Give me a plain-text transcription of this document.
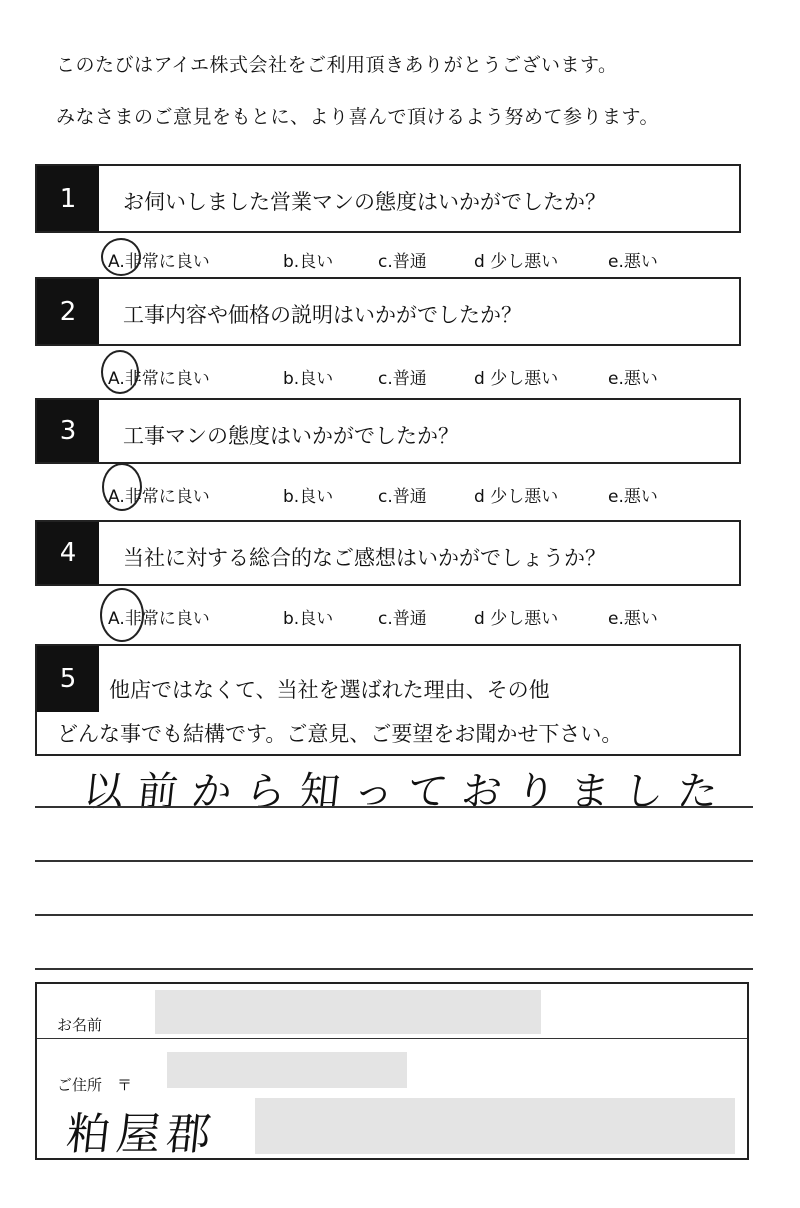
このたびはアイエ株式会社をご利用頂きありがとうございます。
みなさまのご意見をもとに、より喜んで頂けるよう努めて参ります。
1	お伺いしました営業マンの態度はいかがでしたか？
A.非常に良い	b.良い	c.普通	d 少し悪い	e.悪い
2	工事内容や価格の説明はいかがでしたか？
A.非常に良い	b.良い	c.普通	d 少し悪い	e.悪い
3	工事マンの態度はいかがでしたか？
A.非常に良い	b.良い	c.普通	d 少し悪い	e.悪い
4	当社に対する総合的なご感想はいかがでしょうか？
A.非常に良い	b.良い	c.普通	d 少し悪い	e.悪い
5	他店ではなくて、当社を選ばれた理由、その他
どんな事でも結構です。ご意見、ご要望をお聞かせ下さい。
以前から知っておりました
お名前
ご住所　〒
粕屋郡
